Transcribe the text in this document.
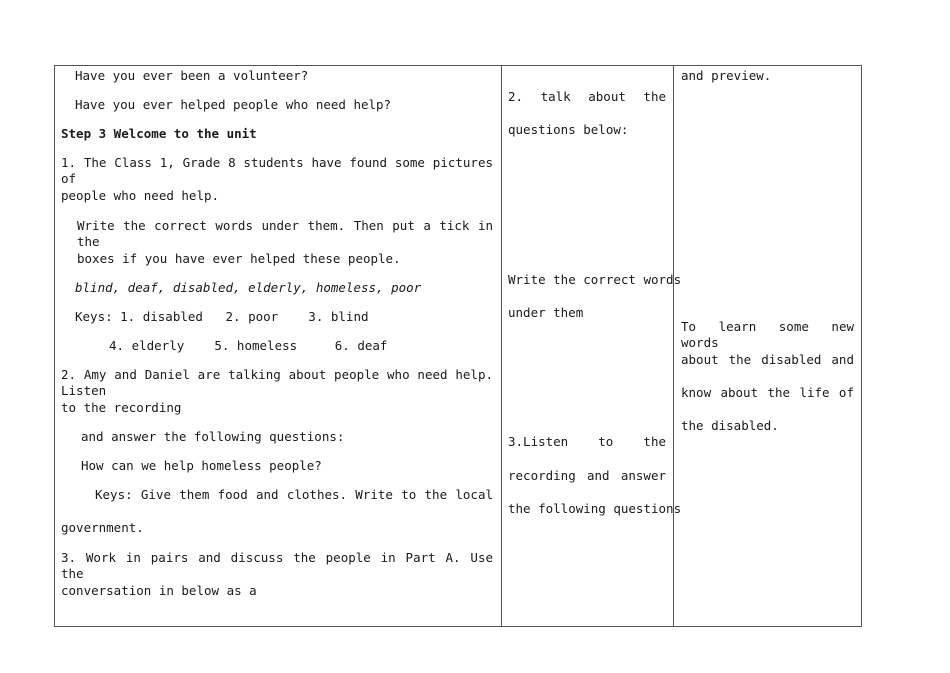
Have you ever been a volunteer?
Have you ever helped people who need help?
Step 3 Welcome to the unit
1. The Class 1, Grade 8 students have found some pictures of
people who need help.
Write the correct words under them. Then put a tick in the
boxes if you have ever helped these people.
blind, deaf, disabled, elderly, homeless, poor
Keys: 1. disabled   2. poor    3. blind
4. elderly    5. homeless     6. deaf
2. Amy and Daniel are talking about people who need help. Listen
to the recording
and answer the following questions:
How can we help homeless people?
Keys: Give them food and clothes. Write to the local
government.
3. Work in pairs and discuss the people in Part A. Use the
conversation in below as a

2. talk about the
questions below:
Write the correct words
under them
3.Listen to the
recording and answer
the following questions

and preview.
To learn some new words
about the disabled and
know about the life of
the disabled.
